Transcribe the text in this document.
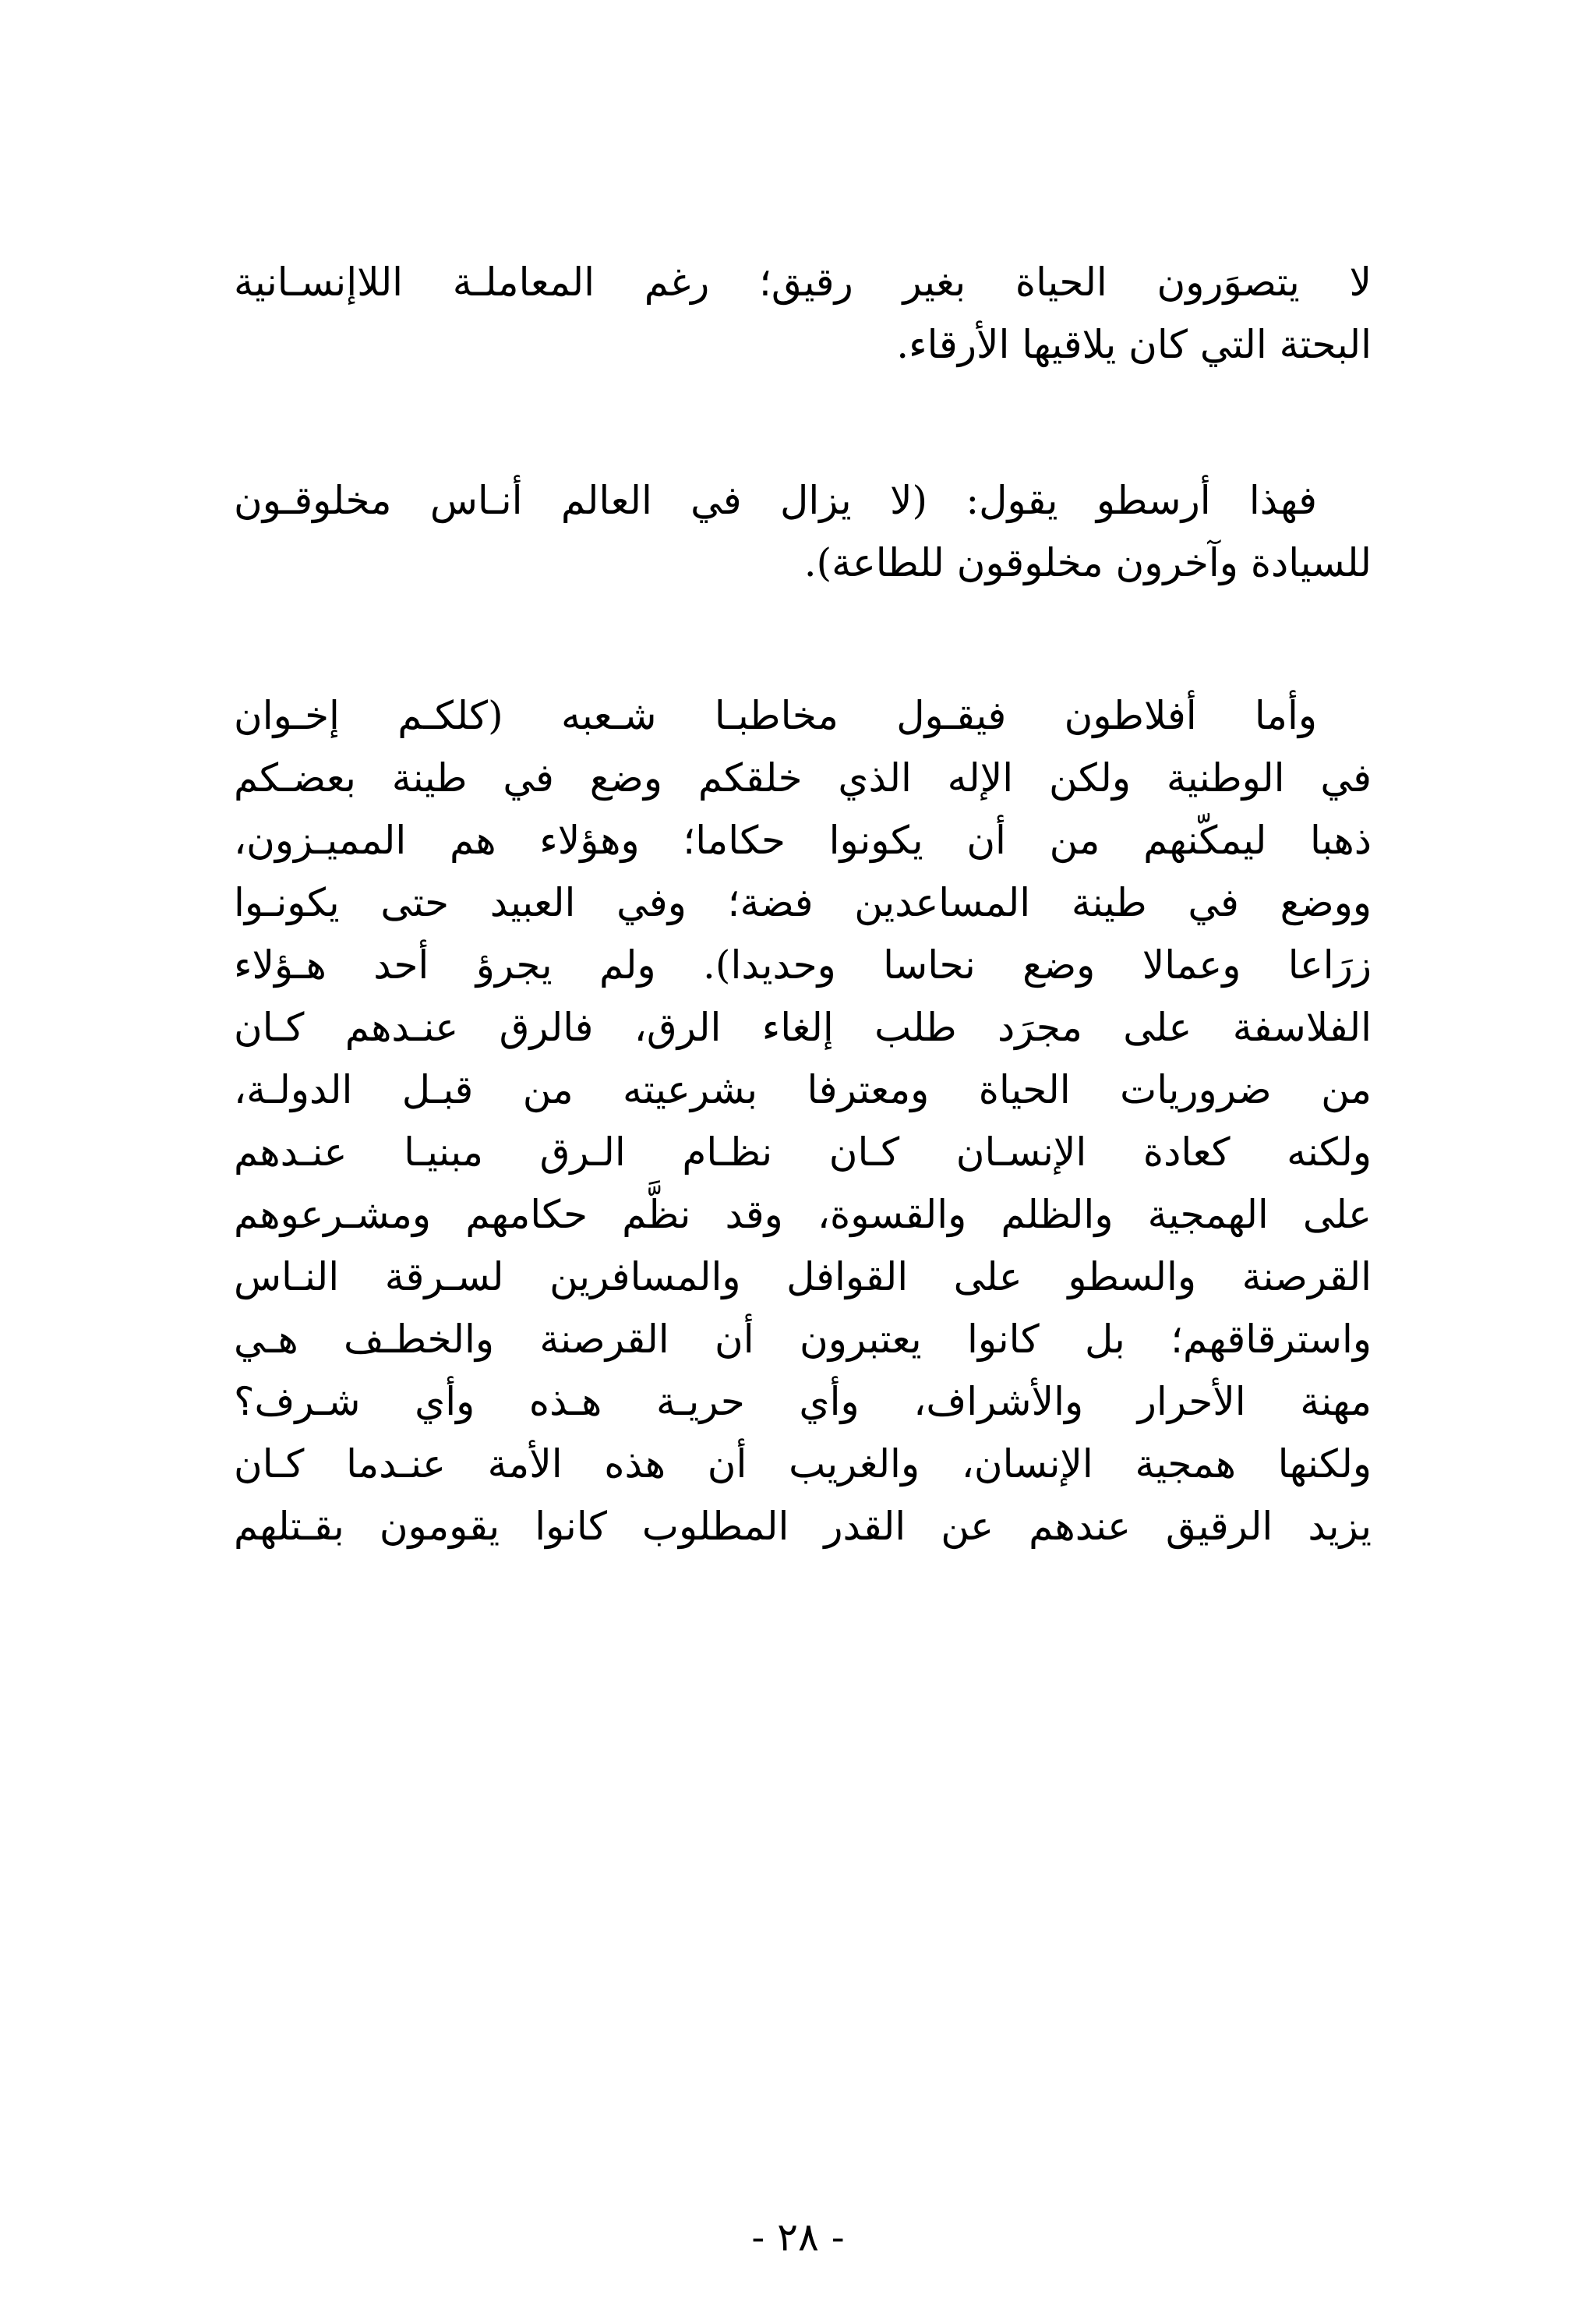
لا يتصوَرون الحياة بغير رقيق؛ رغم المعاملـة اللاإنسـانية
البحتة التي كان يلاقيها الأرقاء.
فهذا أرسطو يقول: (لا يزال في العالم أنـاس مخلوقـون
للسيادة وآخرون مخلوقون للطاعة).
وأما أفلاطون فيقـول مخاطبـا شـعبه (كلكـم إخـوان
في الوطنية ولكن الإله الذي خلقكم وضع في طينة بعضـكم
ذهبا ليمكّنهم من أن يكونوا حكاما؛ وهؤلاء هم المميـزون،
ووضع في طينة المساعدين فضة؛ وفي العبيد حتى يكونـوا
زرَاعا وعمالا وضع نحاسا وحديدا). ولم يجرؤ أحد هـؤلاء
الفلاسفة على مجرَد طلب إلغاء الرق، فالرق عنـدهم كـان
من ضروريات الحياة ومعترفا بشرعيته من قبـل الدولـة،
ولكنه كعادة الإنسـان كـان نظـام الـرق مبنيـا عنـدهم
على الهمجية والظلم والقسوة، وقد نظَّم حكامهم ومشـرعوهم
القرصنة والسطو على القوافل والمسافرين لسـرقة النـاس
واسترقاقهم؛ بل كانوا يعتبرون أن القرصنة والخطـف هـي
مهنة الأحرار والأشراف، وأي حريـة هـذه وأي شـرف؟
ولكنها همجية الإنسان، والغريب أن هذه الأمة عنـدما كـان
يزيد الرقيق عندهم عن القدر المطلوب كانوا يقومون بقـتلهم
- ٢٨ -
